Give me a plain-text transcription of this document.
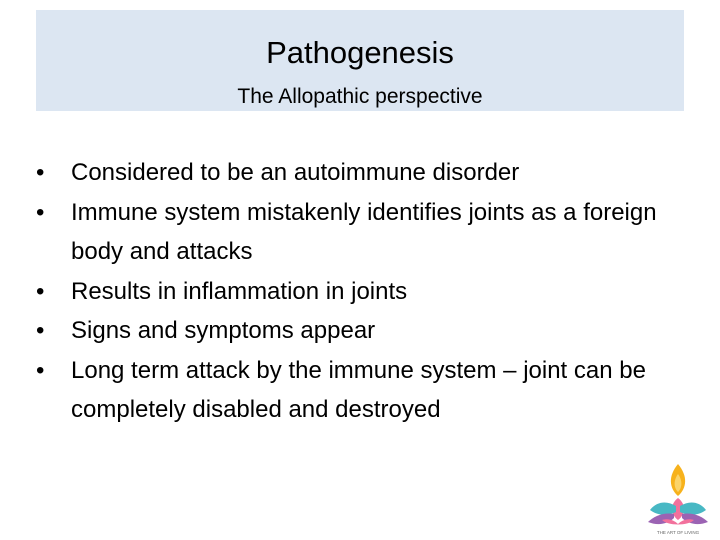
Pathogenesis
The Allopathic perspective
• Considered to be an autoimmune disorder
• Immune system mistakenly identifies joints as a foreign body and attacks
• Results in inflammation in joints
• Signs and symptoms appear
• Long term attack by the immune system – joint can be completely disabled and destroyed
THE ART OF LIVING
